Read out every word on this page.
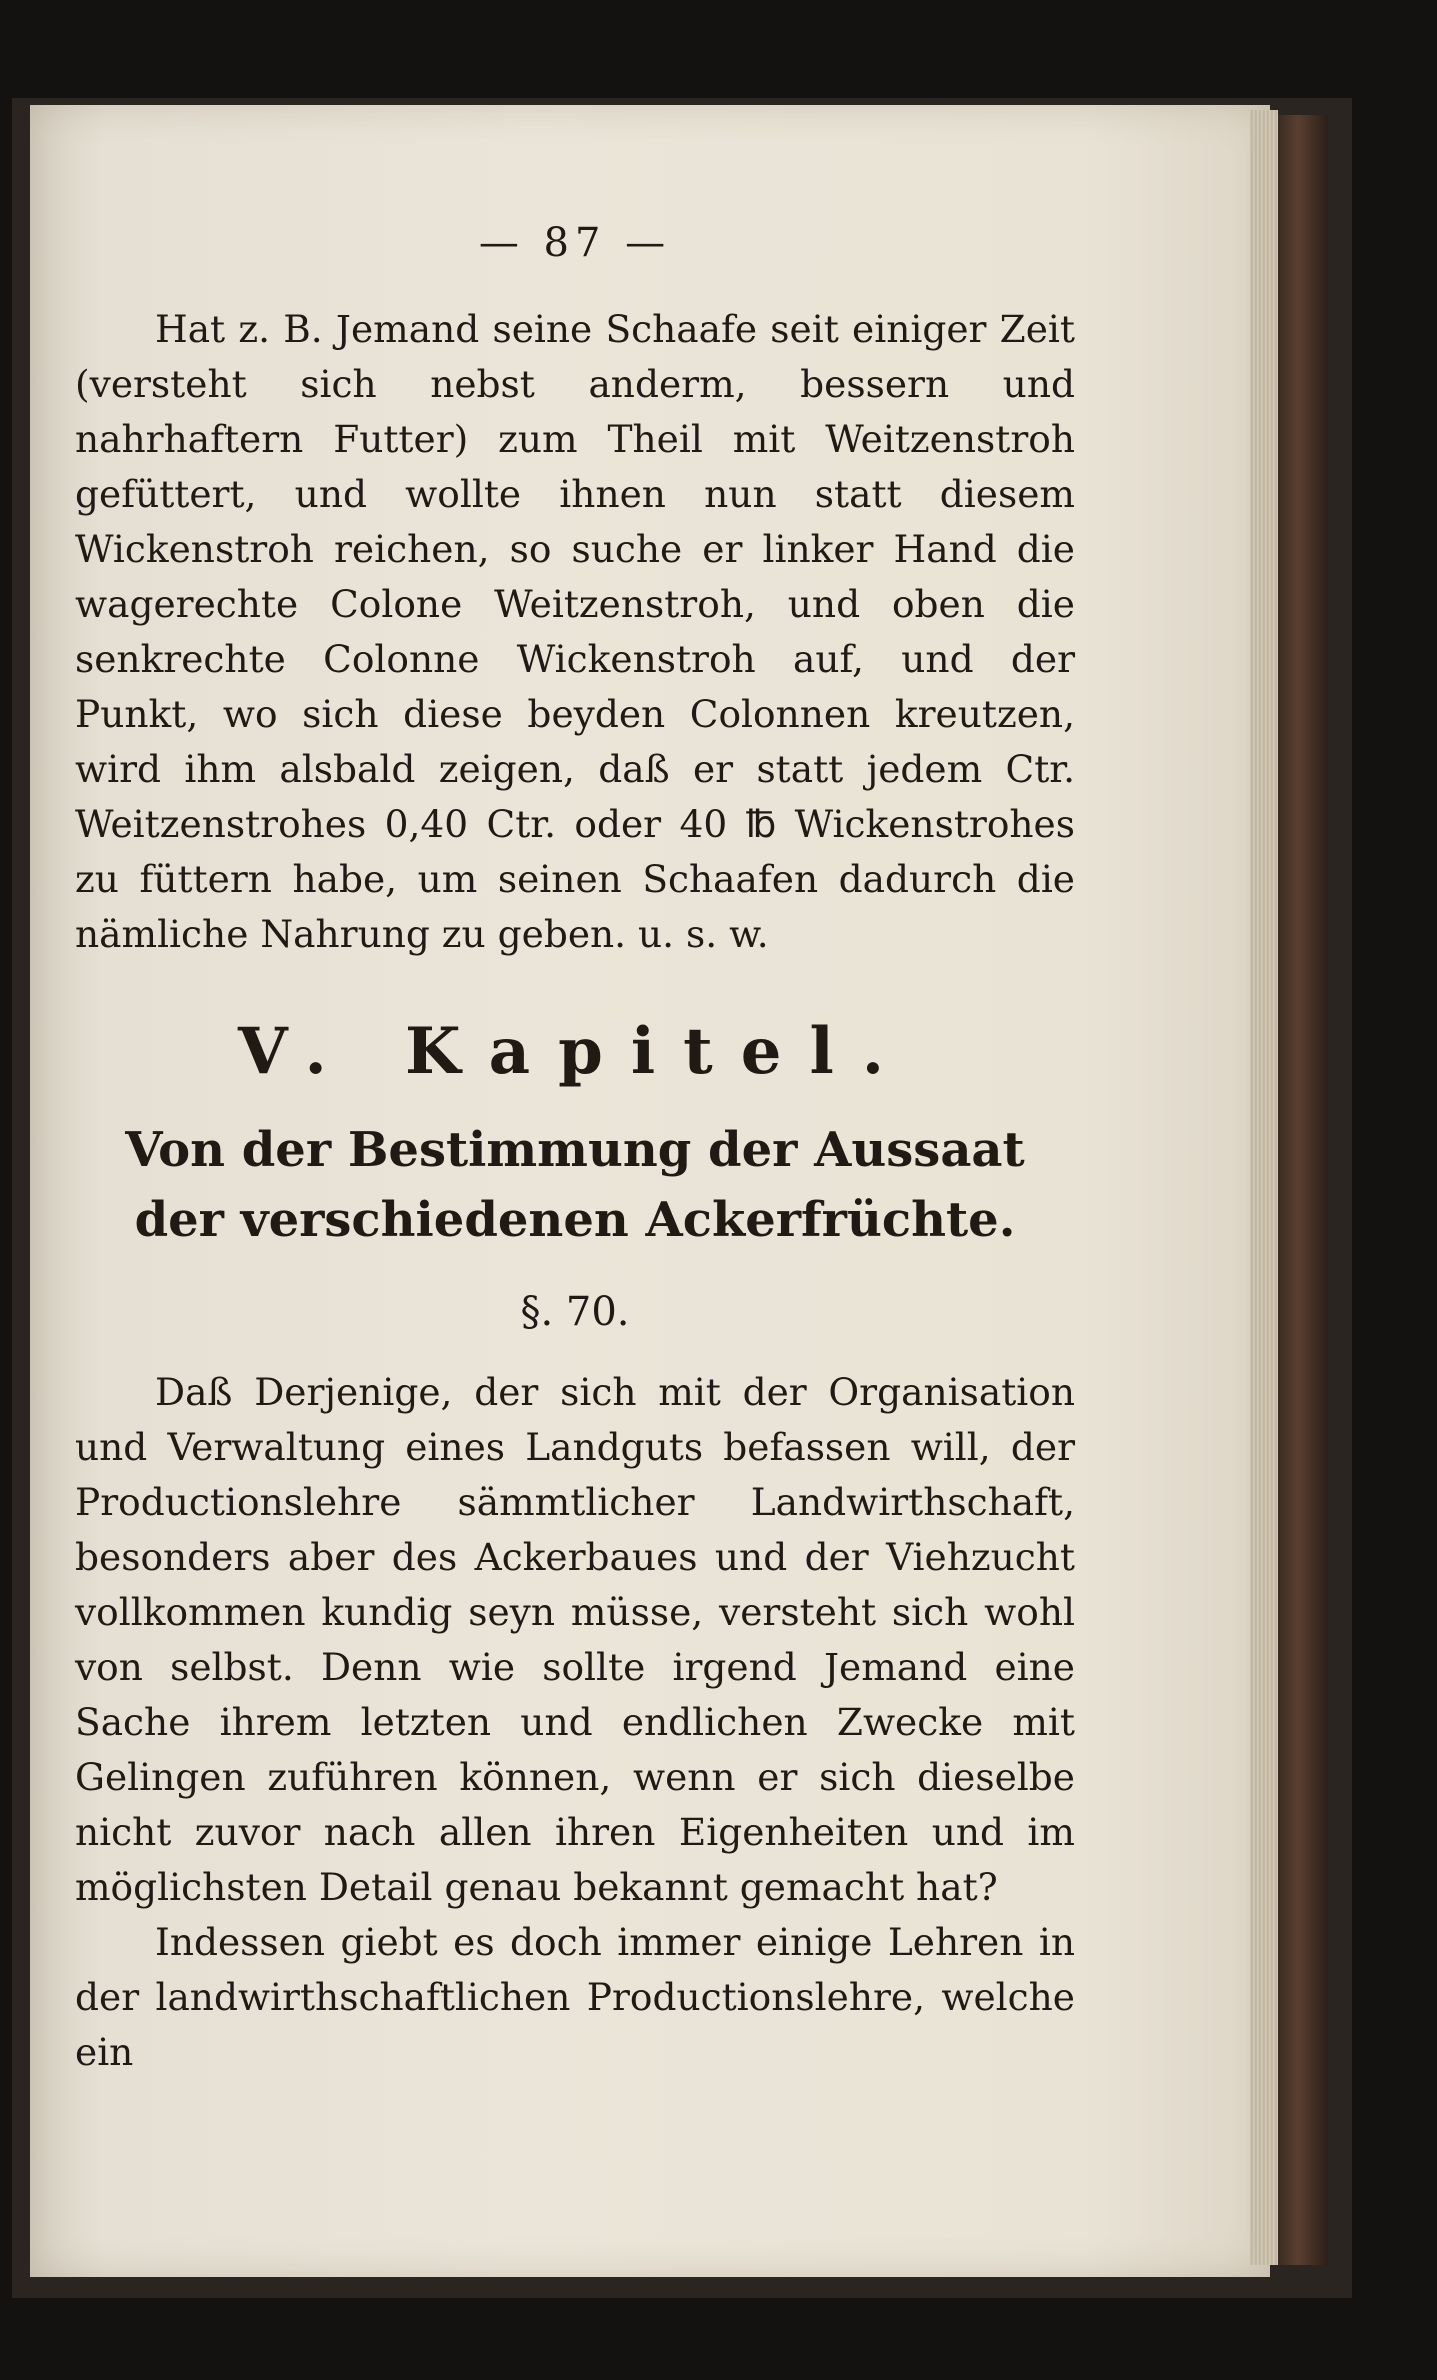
— 87 —

Hat z. B. Jemand seine Schaafe seit einiger Zeit (versteht sich nebst anderm, bessern und nahrhaftern Futter) zum Theil mit Weitzenstroh gefüttert, und wollte ihnen nun statt diesem Wickenstroh reichen, so suche er linker Hand die wagerechte Colone Weitzenstroh, und oben die senkrechte Colonne Wickenstroh auf, und der Punkt, wo sich diese beyden Colonnen kreutzen, wird ihm alsbald zeigen, daß er statt jedem Ctr. Weitzenstrohes 0,40 Ctr. oder 40 ℔ Wickenstrohes zu füttern habe, um seinen Schaafen dadurch die nämliche Nahrung zu geben. u. s. w.

V. Kapitel.
Von der Bestimmung der Aussaat der verschiedenen Ackerfrüchte.
§. 70.

Daß Derjenige, der sich mit der Organisation und Verwaltung eines Landguts befassen will, der Productionslehre sämmtlicher Landwirthschaft, besonders aber des Ackerbaues und der Viehzucht vollkommen kundig seyn müsse, versteht sich wohl von selbst. Denn wie sollte irgend Jemand eine Sache ihrem letzten und endlichen Zwecke mit Gelingen zuführen können, wenn er sich dieselbe nicht zuvor nach allen ihren Eigenheiten und im möglichsten Detail genau bekannt gemacht hat?

Indessen giebt es doch immer einige Lehren in der landwirthschaftlichen Productionslehre, welche ein
